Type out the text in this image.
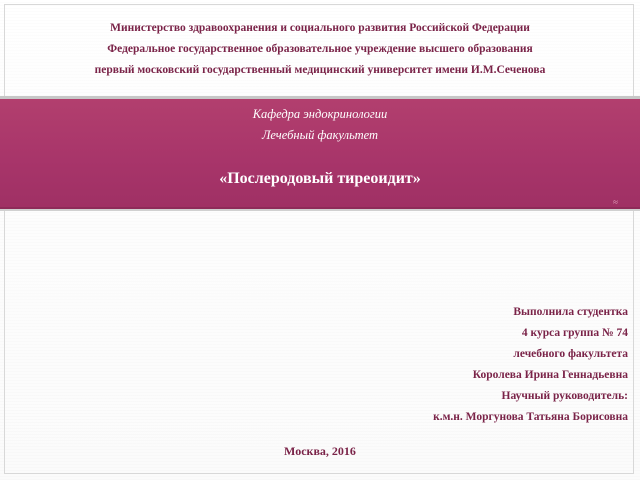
Министерство здравоохранения и социального развития Российской Федерации
Федеральное государственное образовательное учреждение высшего образования
первый московский государственный медицинский университет имени И.М.Сеченова
Кафедра эндокринологии
Лечебный факультет
«Послеродовый тиреоидит»
≈
Выполнила студентка
4 курса группа № 74
лечебного факультета
Королева Ирина Геннадьевна
Научный руководитель:
к.м.н. Моргунова Татьяна Борисовна
Москва, 2016
